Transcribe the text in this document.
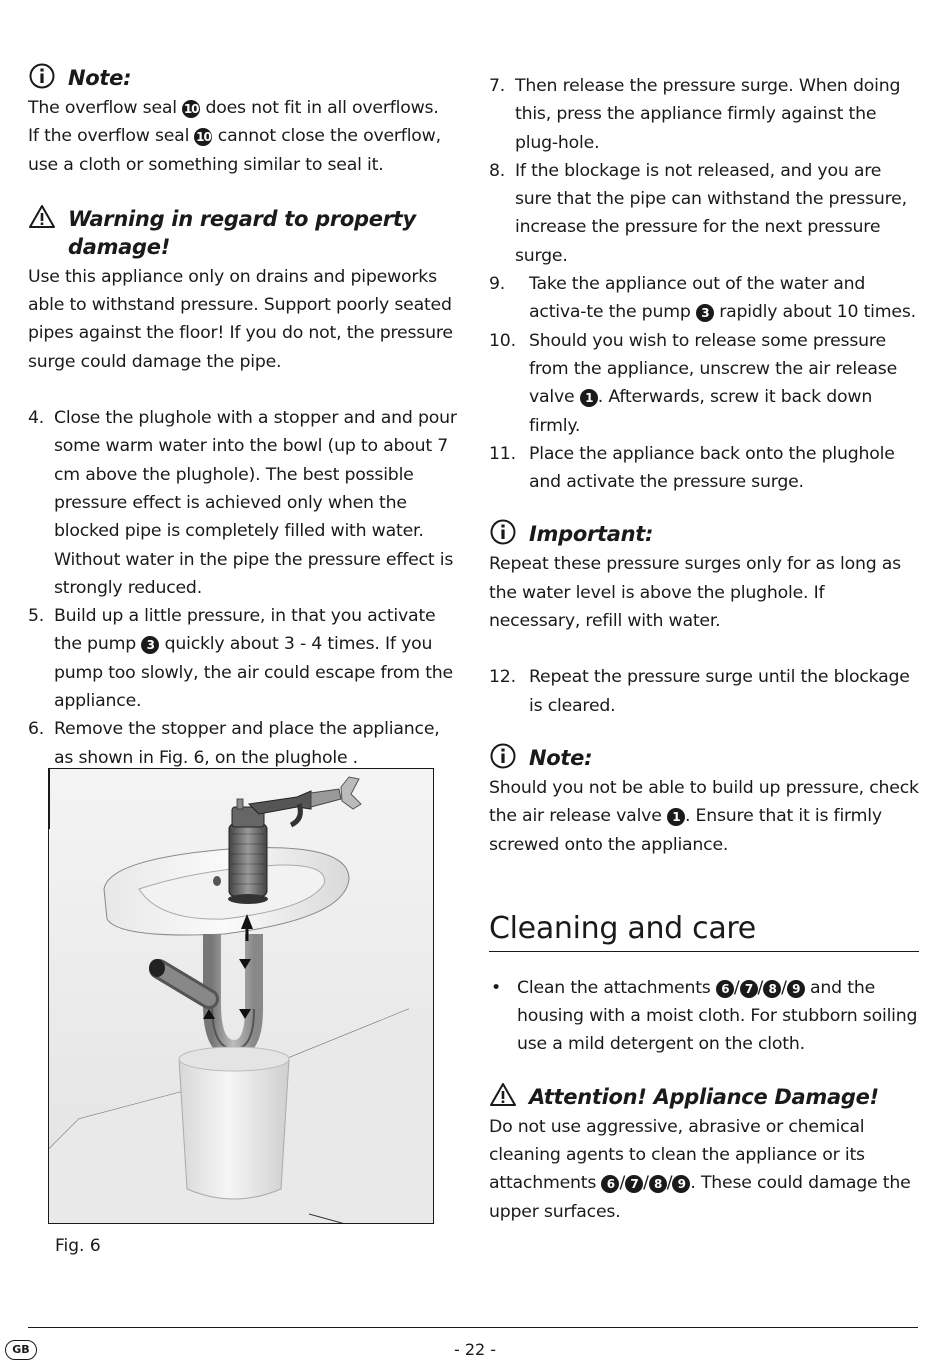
Note:

The overflow seal 10 does not fit in all overflows.
If the overflow seal 10 cannot close the overflow,
use a cloth or something similar to seal it.

Warning in regard to property
damage!

Use this appliance only on drains and pipeworks able to withstand pressure. Support poorly seated pipes against the floor! If you do not, the pressure surge could damage the pipe.

4. Close the plughole with a stopper and and pour some warm water into the bowl (up to about 7 cm above the plughole). The best possible pressure effect is achieved only when the blocked pipe is completely filled with water. Without water in the pipe the pressure effect is strongly reduced.
5. Build up a little pressure, in that you activate the pump 3 quickly about 3 - 4 times. If you pump too slowly, the air could escape from the appliance.
6. Remove the stopper and place the appliance, as shown in Fig. 6, on the plughole .
Fig. 6
7. Then release the pressure surge. When doing this, press the appliance firmly against the plug-hole.
8. If the blockage is not released, and you are sure that the pipe can withstand the pressure, increase the pressure for the next pressure surge.
9.	Take the appliance out of the water and activa-te the pump 3 rapidly about 10 times.
10. Should you wish to release some pressure from the appliance, unscrew the air release valve 1 . Afterwards, screw it back down firmly.
11. Place the appliance back onto the plughole and activate the pressure surge.
Important:

Repeat these pressure surges only for as long as the water level is above the plughole. If necessary, refill with water.

12. Repeat the pressure surge until the blockage is cleared.
Note:

Should you not be able to build up pressure, check the air release valve 1 . Ensure that it is firmly screwed onto the appliance.

Cleaning and care
• Clean the attachments 6 / 7 / 8 / 9 and the housing with a moist cloth. For stubborn soiling use a mild detergent on the cloth.
Attention! Appliance Damage!

Do not use aggressive, abrasive or chemical cleaning agents to clean the appliance or its attachments 6 / 7 / 8 / 9 . These could damage the upper surfaces.

GB	- 22 -
